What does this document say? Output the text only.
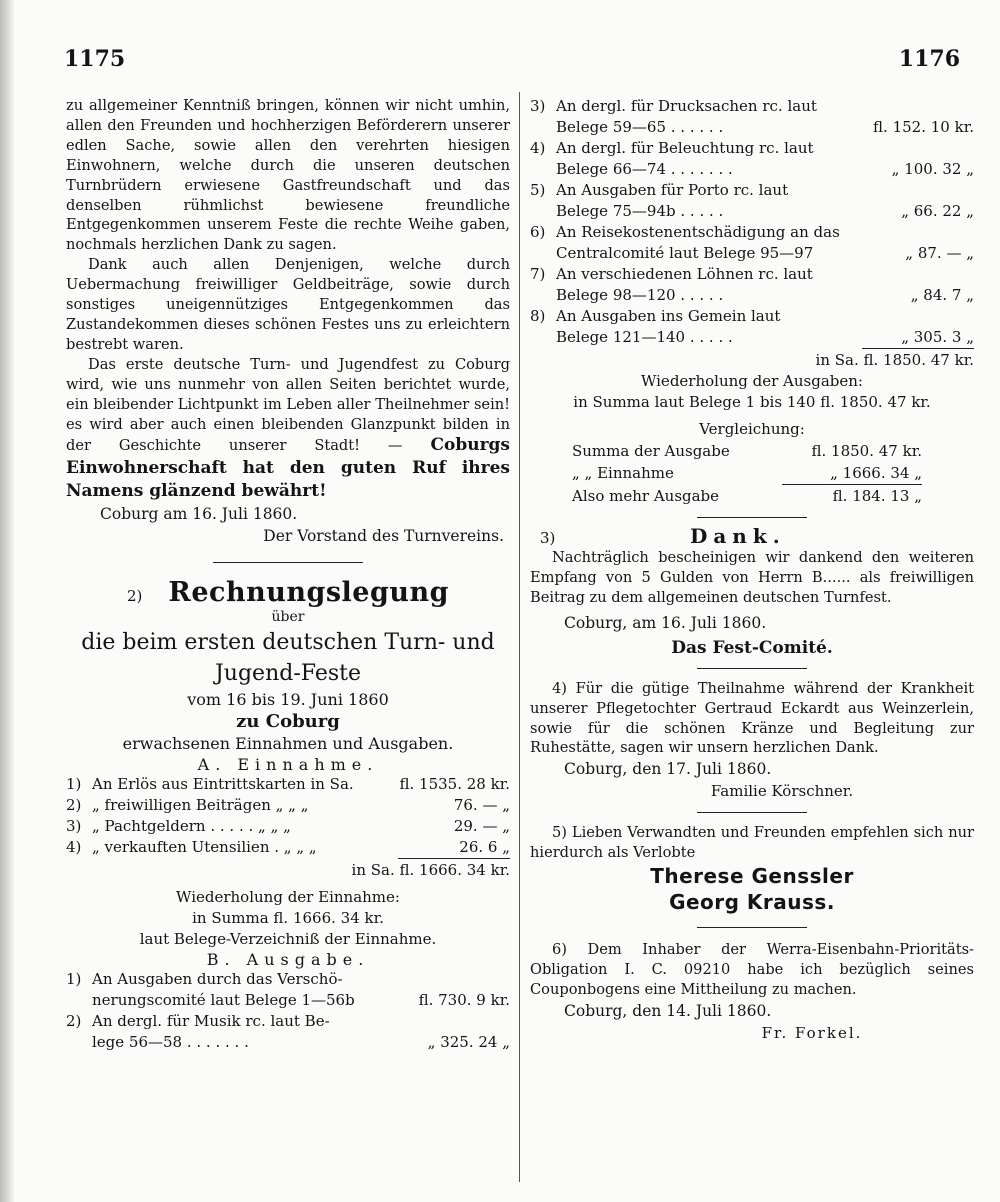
1175	1176

zu allgemeiner Kenntniß bringen, können wir nicht umhin, allen den Freunden und hochherzigen Beförderern unserer edlen Sache, sowie allen den verehrten hiesigen Einwohnern, welche durch die unseren deutschen Turnbrüdern erwiesene Gastfreundschaft und das denselben rühmlichst bewiesene freundliche Entgegenkommen unserem Feste die rechte Weihe gaben, nochmals herzlichen Dank zu sagen.

Dank auch allen Denjenigen, welche durch Uebermachung freiwilliger Geldbeiträge, sowie durch sonstiges uneigennütziges Entgegenkommen das Zustandekommen dieses schönen Festes uns zu erleichtern bestrebt waren.

Das erste deutsche Turn- und Jugendfest zu Coburg wird, wie uns nunmehr von allen Seiten berichtet wurde, ein bleibender Lichtpunkt im Leben aller Theilnehmer sein! es wird aber auch einen bleibenden Glanzpunkt bilden in der Geschichte unserer Stadt! — Coburgs Einwohnerschaft hat den guten Ruf ihres Namens glänzend bewährt!

Coburg am 16. Juli 1860.

Der Vorstand des Turnvereins.

2) Rechnungslegung

über

die beim ersten deutschen Turn- und

Jugend-Feste

vom 16 bis 19. Juni 1860

zu Coburg

erwachsenen Einnahmen und Ausgaben.

A. Einnahme.

1) An Erlös aus Eintrittskarten in Sa.	fl. 1535. 28 kr.
2) „ freiwilligen Beiträgen „ „ „	76. — „
3) „ Pachtgeldern . . . . . „ „ „	29. — „
4) „ verkauften Utensilien . „ „ „	26. 6 „

in Sa. fl. 1666. 34 kr.

Wiederholung der Einnahme:

in Summa fl. 1666. 34 kr.

laut Belege-Verzeichniß der Einnahme.

B. Ausgabe.

1) An Ausgaben durch das Verschö-
nerungscomité laut Belege 1—56b	fl. 730. 9 kr.
2) An dergl. für Musik rc. laut Be-
lege 56—58 . . . . . . .	„ 325. 24 „
3) An dergl. für Drucksachen rc. laut
Belege 59—65 . . . . . .	fl. 152. 10 kr.
4) An dergl. für Beleuchtung rc. laut
Belege 66—74 . . . . . . .	„ 100. 32 „
5) An Ausgaben für Porto rc. laut
Belege 75—94b . . . . .	„ 66. 22 „
6) An Reisekostenentschädigung an das
Centralcomité laut Belege 95—97	„ 87. — „
7) An verschiedenen Löhnen rc. laut
Belege 98—120 . . . . .	„ 84. 7 „
8) An Ausgaben ins Gemein laut
Belege 121—140 . . . . .	„ 305. 3 „

in Sa. fl. 1850. 47 kr.

Wiederholung der Ausgaben:

in Summa laut Belege 1 bis 140 fl. 1850. 47 kr.

Vergleichung:

Summa der Ausgabe	fl. 1850. 47 kr.
„ „ Einnahme	„ 1666. 34 „
Also mehr Ausgabe	fl. 184. 13 „
3)	Dank.

Nachträglich bescheinigen wir dankend den weiteren Empfang von 5 Gulden von Herrn B...... als freiwilligen Beitrag zu dem allgemeinen deutschen Turnfest.

Coburg, am 16. Juli 1860.

Das Fest-Comité.

4) Für die gütige Theilnahme während der Krankheit unserer Pflegetochter Gertraud Eckardt aus Weinzerlein, sowie für die schönen Kränze und Begleitung zur Ruhestätte, sagen wir unsern herzlichen Dank.

Coburg, den 17. Juli 1860.

Familie Körschner.

5) Lieben Verwandten und Freunden empfehlen sich nur hierdurch als Verlobte

Therese Genssler

Georg Krauss.

6) Dem Inhaber der Werra-Eisenbahn-Prioritäts-Obligation I. C. 09210 habe ich bezüglich seines Couponbogens eine Mittheilung zu machen.

Coburg, den 14. Juli 1860.

Fr. Forkel.
